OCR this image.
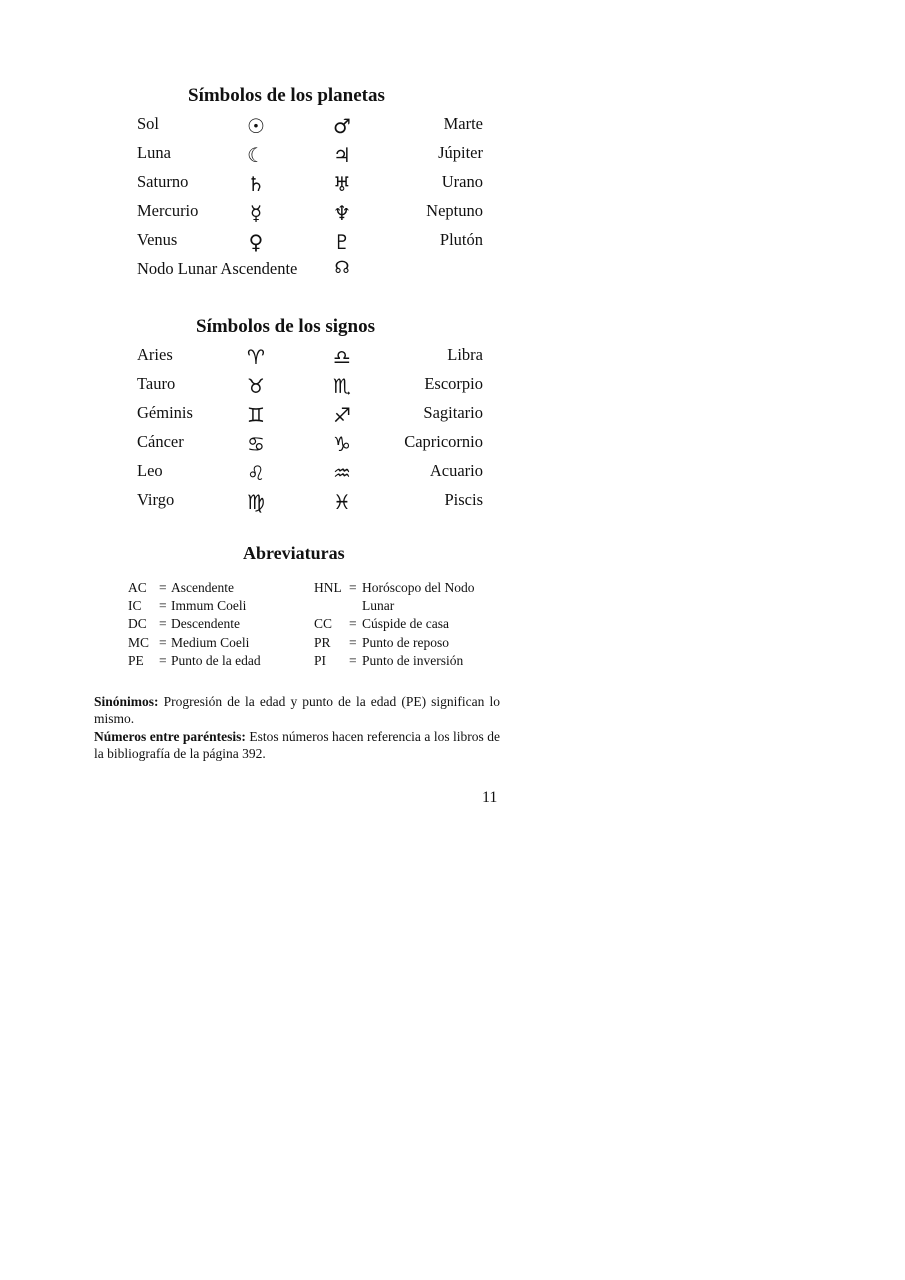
Símbolos de los planetas
Sol	☉	♂	Marte
Luna	☾	♃	Júpiter
Saturno	♄	♅	Urano
Mercurio	☿	♆	Neptuno
Venus	♀	♇	Plutón
Nodo Lunar Ascendente	☊
Símbolos de los signos
Aries	♈	♎	Libra
Tauro	♉	♏	Escorpio
Géminis	♊	♐	Sagitario
Cáncer	♋	♑	Capricornio
Leo	♌	♒	Acuario
Virgo	♍	♓	Piscis
Abreviaturas
AC = Ascendente	HNL = Horóscopo del Nodo
IC = Immum Coeli	Lunar
DC = Descendente	CC = Cúspide de casa
MC = Medium Coeli	PR = Punto de reposo
PE = Punto de la edad	PI = Punto de inversión
Sinónimos: Progresión de la edad y punto de la edad (PE) significan lo mismo.
Números entre paréntesis: Estos números hacen referencia a los libros de la bibliografía de la página 392.
11
